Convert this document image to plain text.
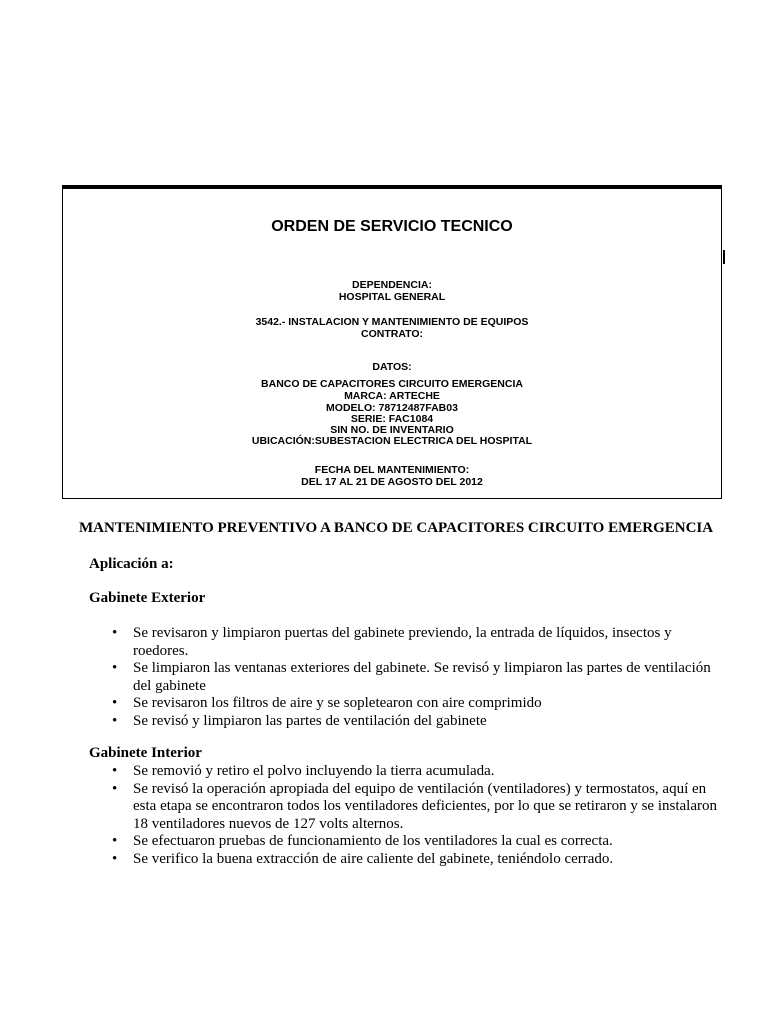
ORDEN DE SERVICIO TECNICO
DEPENDENCIA:
HOSPITAL GENERAL
3542.- INSTALACION Y MANTENIMIENTO DE EQUIPOS
CONTRATO:
DATOS:
BANCO DE CAPACITORES CIRCUITO EMERGENCIA
MARCA: ARTECHE
MODELO: 78712487FAB03
SERIE: FAC1084
SIN NO. DE INVENTARIO
UBICACIÓN:SUBESTACION ELECTRICA DEL HOSPITAL
FECHA DEL MANTENIMIENTO:
DEL 17 AL 21 DE AGOSTO DEL 2012
MANTENIMIENTO PREVENTIVO A BANCO DE CAPACITORES CIRCUITO EMERGENCIA
Aplicación a:
Gabinete Exterior
• Se revisaron y limpiaron puertas del gabinete previendo, la entrada de líquidos, insectos y roedores.
• Se limpiaron las ventanas exteriores del gabinete. Se revisó y limpiaron las partes de ventilación del gabinete
• Se revisaron los filtros de aire y se sopletearon con aire comprimido
• Se revisó y limpiaron las partes de ventilación del gabinete
Gabinete Interior
• Se removió y retiro el polvo incluyendo la tierra acumulada.
• Se revisó la operación apropiada del equipo de ventilación (ventiladores) y termostatos, aquí en esta etapa se encontraron todos los ventiladores deficientes, por lo que se retiraron y se instalaron 18 ventiladores nuevos de 127 volts alternos.
• Se efectuaron pruebas de funcionamiento de los ventiladores la cual es correcta.
• Se verifico la buena extracción de aire caliente del gabinete, teniéndolo cerrado.
